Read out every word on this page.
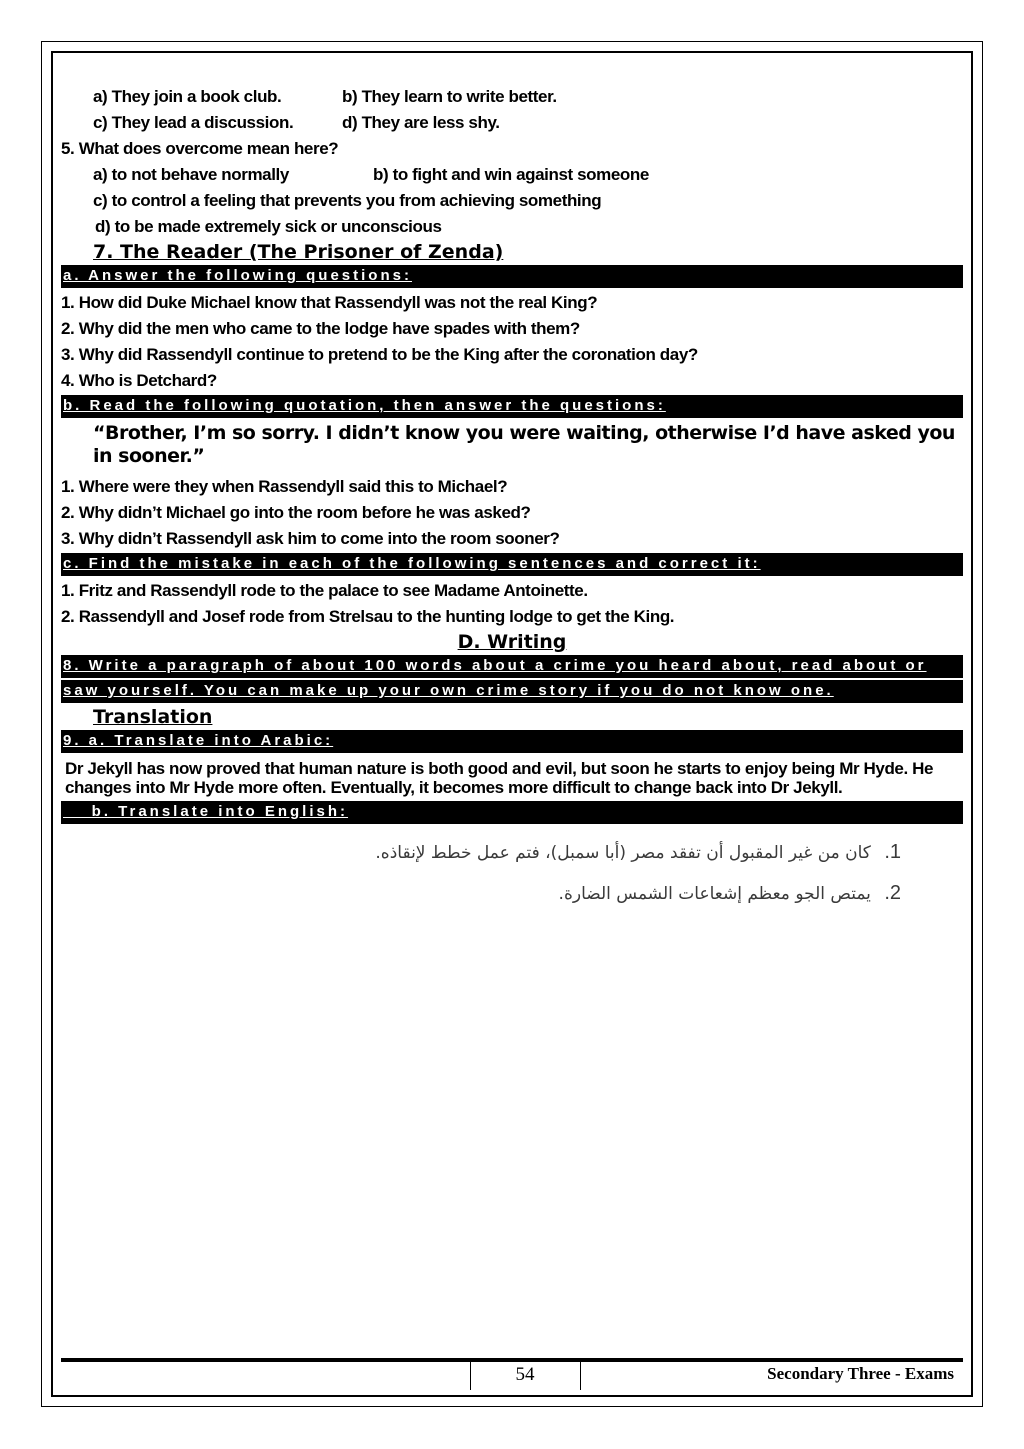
a) They join a book club.	b) They learn to write better.
c) They lead a discussion.	d) They are less shy.
5. What does overcome mean here?
a) to not behave normally	b) to fight and win against someone
c) to control a feeling that prevents you from achieving something
d) to be made extremely sick or unconscious
7. The Reader (The Prisoner of Zenda)
a. Answer the following questions:
1. How did Duke Michael know that Rassendyll was not the real King?
2. Why did the men who came to the lodge have spades with them?
3. Why did Rassendyll continue to pretend to be the King after the coronation day?
4. Who is Detchard?
b. Read the following quotation, then answer the questions:
“Brother, I’m so sorry. I didn’t know you were waiting, otherwise I’d have asked you in sooner.”
1. Where were they when Rassendyll said this to Michael?
2. Why didn’t Michael go into the room before he was asked?
3. Why didn’t Rassendyll ask him to come into the room sooner?
c. Find the mistake in each of the following sentences and correct it:
1. Fritz and Rassendyll rode to the palace to see Madame Antoinette.
2. Rassendyll and Josef rode from Strelsau to the hunting lodge to get the King.
D. Writing
8. Write a paragraph of about 100 words about a crime you heard about, read about or
saw yourself. You can make up your own crime story if you do not know one.
Translation
9. a. Translate into Arabic:
Dr Jekyll has now proved that human nature is both good and evil, but soon he starts to enjoy being Mr Hyde. He changes into Mr Hyde more often. Eventually, it becomes more difficult to change back into Dr Jekyll.
b. Translate into English:
1. كان من غير المقبول أن تفقد مصر (أبا سمبل)، فتم عمل خطط لإنقاذه.
2. يمتص الجو معظم إشعاعات الشمس الضارة.
54	Secondary Three - Exams
